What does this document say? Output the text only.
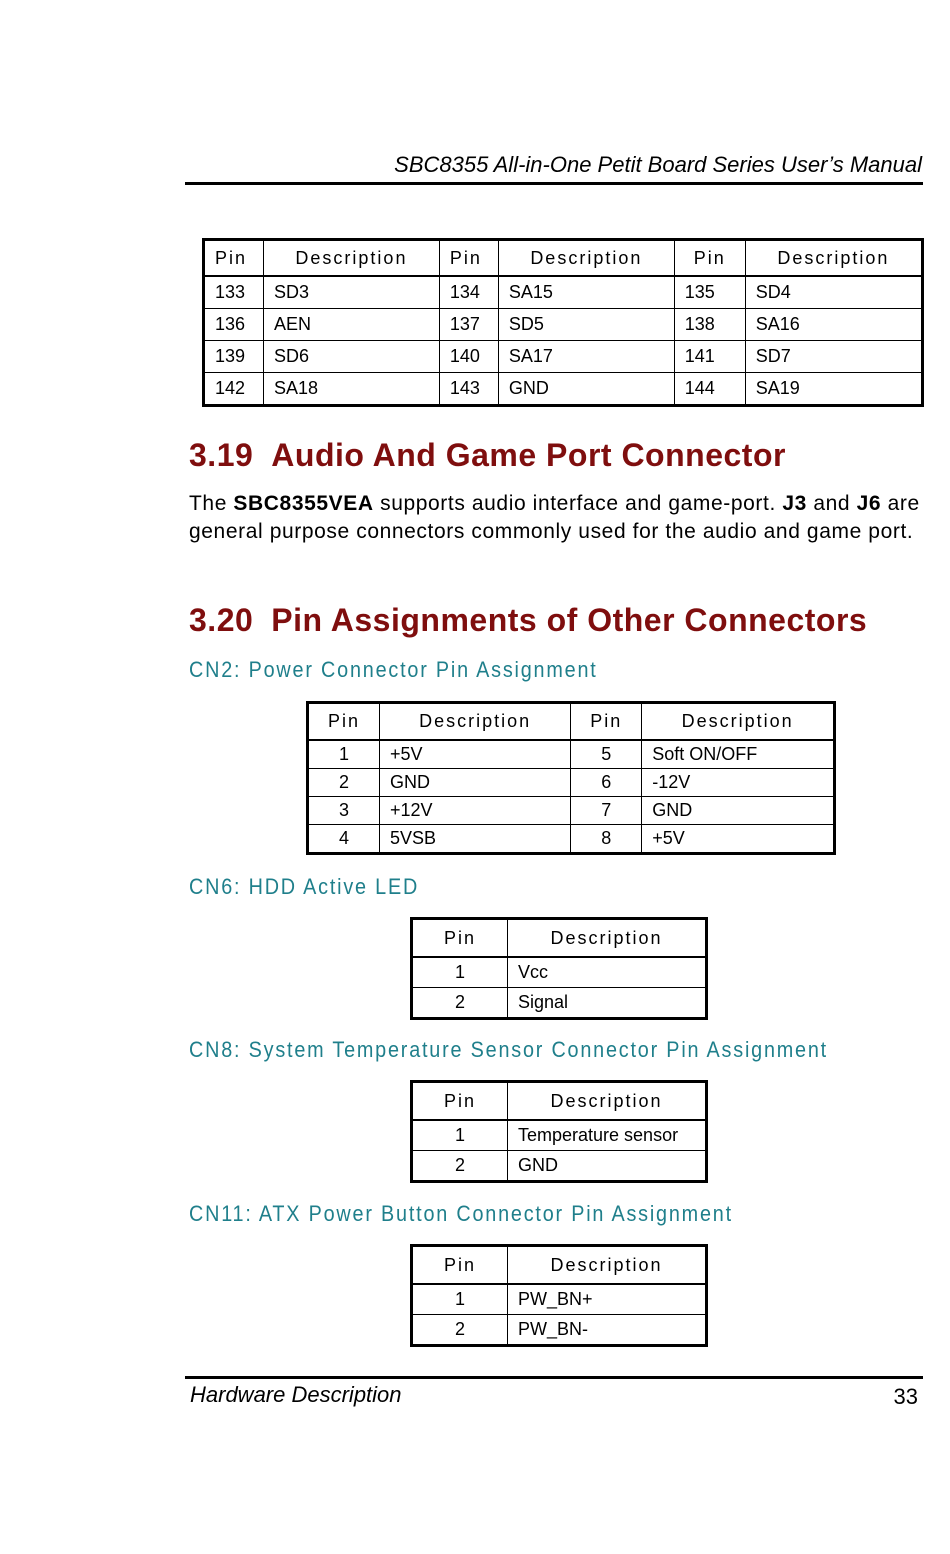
SBC8355 All-in-One Petit Board Series User’s Manual
Pin	Description	Pin	Description	Pin	Description
133	SD3	134	SA15	135	SD4
136	AEN	137	SD5	138	SA16
139	SD6	140	SA17	141	SD7
142	SA18	143	GND	144	SA19
3.19 Audio And Game Port Connector

The SBC8355VEA supports audio interface and game-port. J3 and J6 are general purpose connectors commonly used for the audio and game port.

3.20 Pin Assignments of Other Connectors
CN2: Power Connector Pin Assignment
Pin	Description	Pin	Description
1	+5V	5	Soft ON/OFF
2	GND	6	-12V
3	+12V	7	GND
4	5VSB	8	+5V
CN6: HDD Active LED
Pin	Description
1	Vcc
2	Signal
CN8: System Temperature Sensor Connector Pin Assignment
Pin	Description
1	Temperature sensor
2	GND
CN11: ATX Power Button Connector Pin Assignment
Pin	Description
1	PW_BN+
2	PW_BN-
Hardware Description	33
